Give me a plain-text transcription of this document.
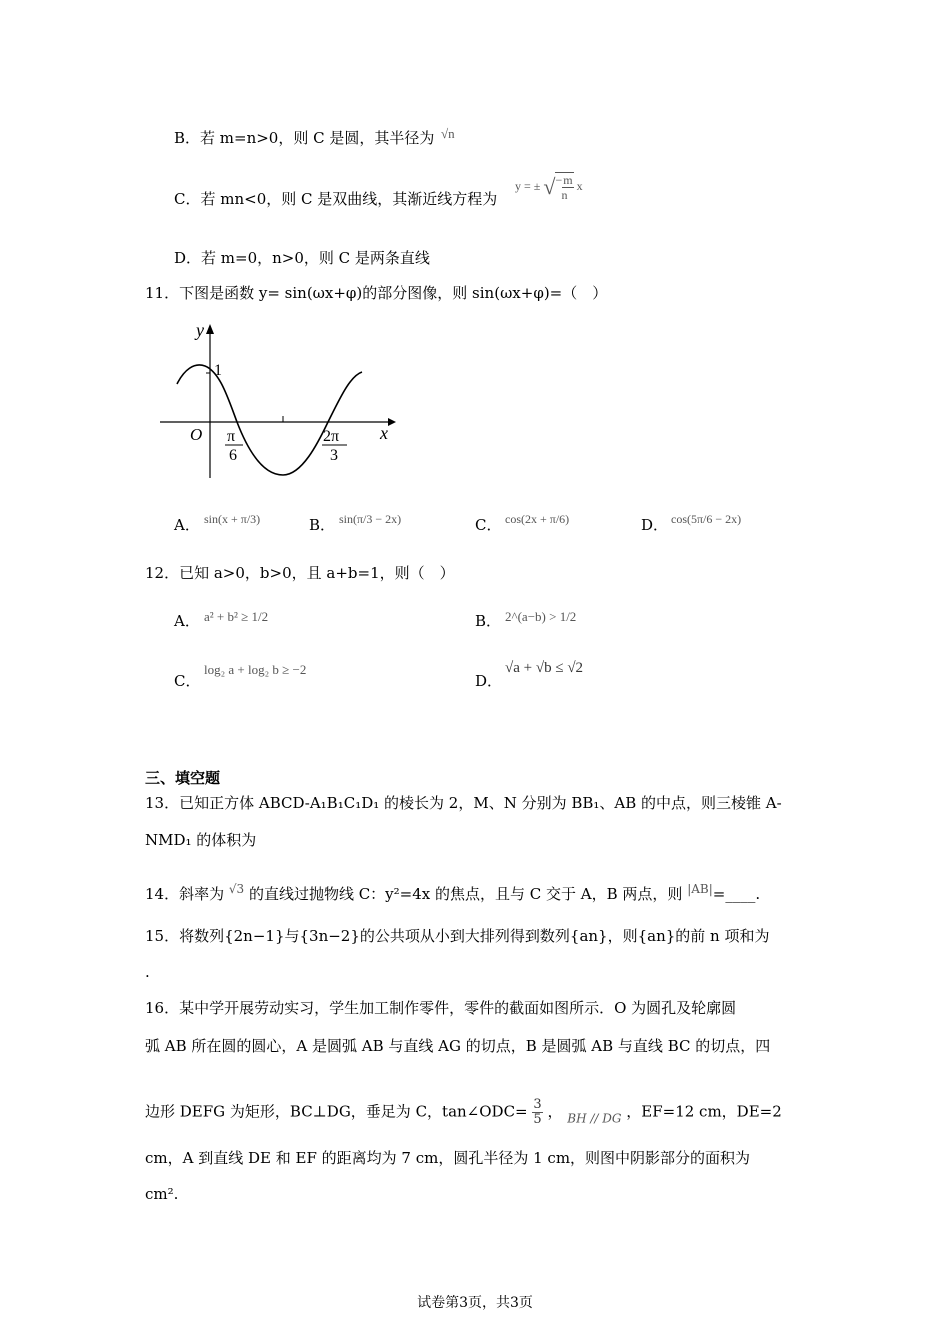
B．若 m=n>0，则 C 是圆，其半径为 √n
C．若 mn<0，则 C 是双曲线，其渐近线方程为
y = ± √−m
n
x
D．若 m=0，n>0，则 C 是两条直线
11．下图是函数 y= sin(ωx+φ)的部分图像，则 sin(ωx+φ)=（　）
y
x
O
1
π
6
2π
3
A． sin(x + π/3)	B． sin(π/3 − 2x)	C． cos(2x + π/6)	D． cos(5π/6 − 2x)
12．已知 a>0，b>0，且 a+b=1，则（　）
A． a² + b² ≥ 1/2	B． 2^(a−b) > 1/2
C．
log₂ a + log₂ b ≥ −2
D．
√a + √b ≤ √2
三、填空题
13．已知正方体 ABCD-A₁B₁C₁D₁ 的棱长为 2，M、N 分别为 BB₁、AB 的中点，则三棱锥 A-
NMD₁ 的体积为
14．斜率为 $^{√3}$ 的直线过抛物线 C：y²=4x 的焦点，且与 C 交于 A，B 两点，则 $^{|AB|}$=____.
15．将数列{2n−1}与{3n−2}的公共项从小到大排列得到数列{an}，则{an}的前 n 项和为
.
16．某中学开展劳动实习，学生加工制作零件，零件的截面如图所示．O 为圆孔及轮廓圆
弧 AB 所在圆的圆心，A 是圆弧 AB 与直线 AG 的切点，B 是圆弧 AB 与直线 BC 的切点，四
边形 DEFG 为矩形，BC⊥DG，垂足为 C，tan∠ODC= $\frac{3}{5}$ ， $_{BH // DG}$ ，EF=12 cm，DE=2
cm，A 到直线 DE 和 EF 的距离均为 7 cm，圆孔半径为 1 cm，则图中阴影部分的面积为
cm².
试卷第3页，共3页
